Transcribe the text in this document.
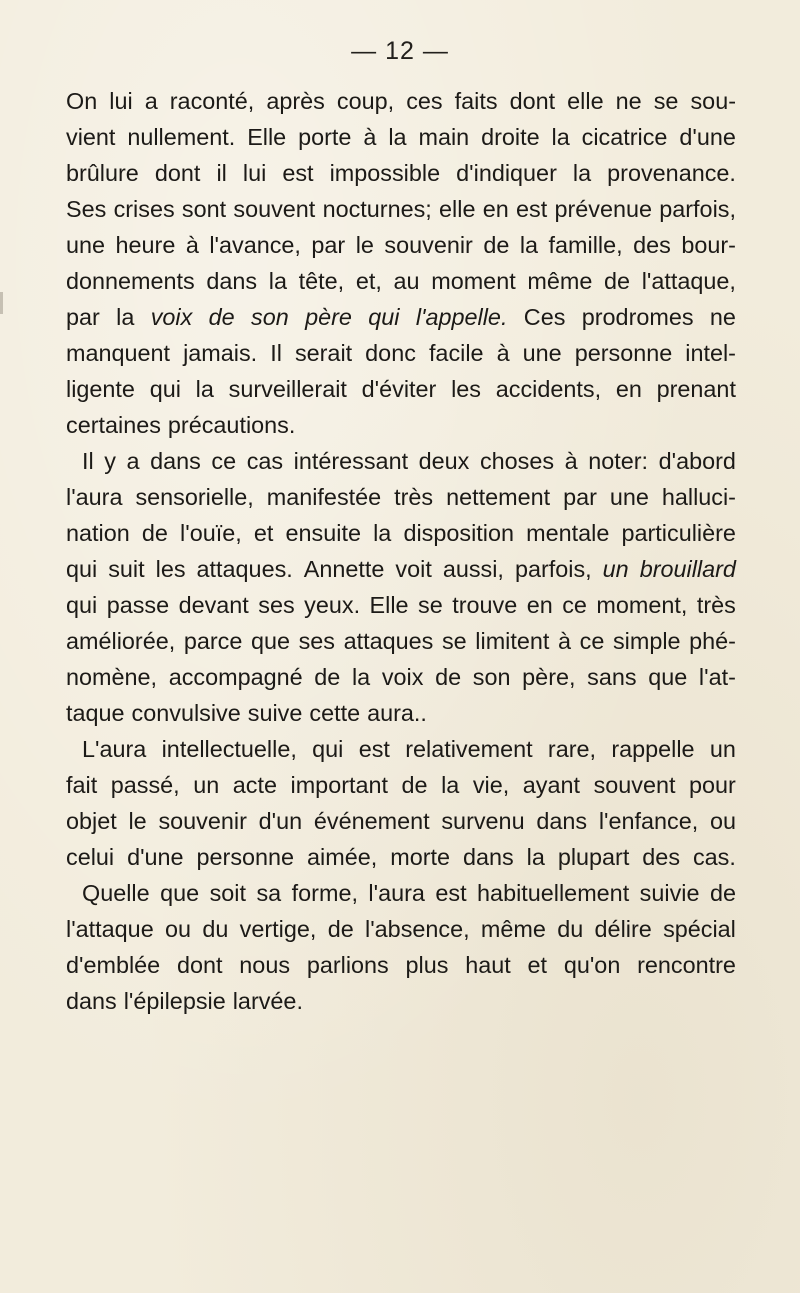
— 12 —
On lui a raconté, après coup, ces faits dont elle ne se sou-
vient nullement. Elle porte à la main droite la cicatrice d'une
brûlure dont il lui est impossible d'indiquer la provenance.
Ses crises sont souvent nocturnes; elle en est prévenue parfois,
une heure à l'avance, par le souvenir de la famille, des bour-
donnements dans la tête, et, au moment même de l'attaque,
par la voix de son père qui l'appelle. Ces prodromes ne
manquent jamais. Il serait donc facile à une personne intel-
ligente qui la surveillerait d'éviter les accidents, en prenant
certaines précautions.
Il y a dans ce cas intéressant deux choses à noter: d'abord
l'aura sensorielle, manifestée très nettement par une halluci-
nation de l'ouïe, et ensuite la disposition mentale particulière
qui suit les attaques. Annette voit aussi, parfois, un brouillard
qui passe devant ses yeux. Elle se trouve en ce moment, très
améliorée, parce que ses attaques se limitent à ce simple phé-
nomène, accompagné de la voix de son père, sans que l'at-
taque convulsive suive cette aura..
L'aura intellectuelle, qui est relativement rare, rappelle un
fait passé, un acte important de la vie, ayant souvent pour
objet le souvenir d'un événement survenu dans l'enfance, ou
celui d'une personne aimée, morte dans la plupart des cas.
Quelle que soit sa forme, l'aura est habituellement suivie de
l'attaque ou du vertige, de l'absence, même du délire spécial
d'emblée dont nous parlions plus haut et qu'on rencontre
dans l'épilepsie larvée.
